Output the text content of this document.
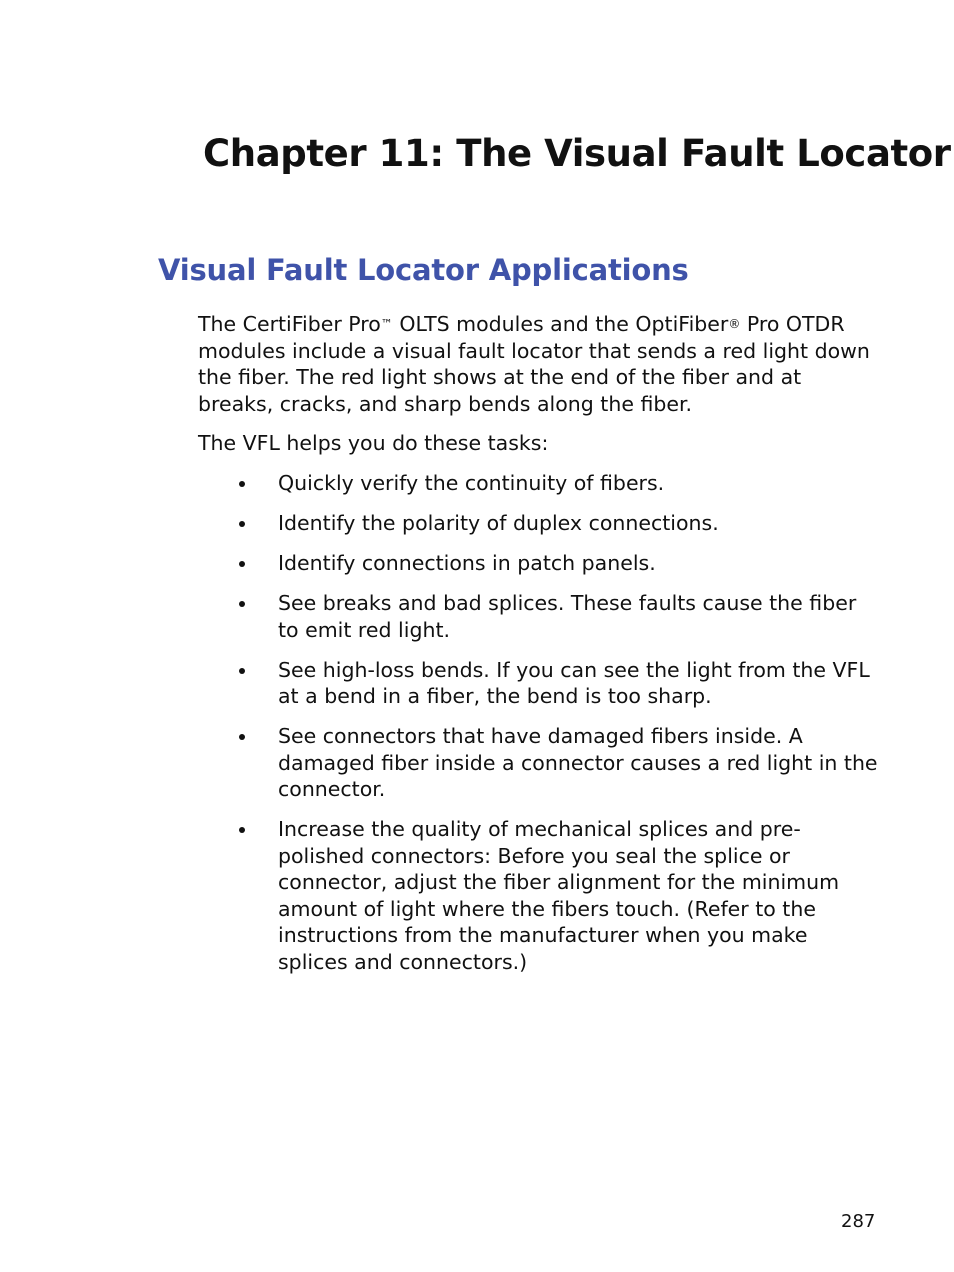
Chapter 11: The Visual Fault Locator
Visual Fault Locator Applications

The CertiFiber Pro™ OLTS modules and the OptiFiber® Pro OTDR modules include a visual fault locator that sends a red light down the fiber. The red light shows at the end of the fiber and at breaks, cracks, and sharp bends along the fiber.

The VFL helps you do these tasks:

Quickly verify the continuity of fibers.
Identify the polarity of duplex connections.
Identify connections in patch panels.
See breaks and bad splices. These faults cause the fiber to emit red light.
See high-loss bends. If you can see the light from the VFL at a bend in a fiber, the bend is too sharp.
See connectors that have damaged fibers inside. A damaged fiber inside a connector causes a red light in the connector.
Increase the quality of mechanical splices and pre-polished connectors: Before you seal the splice or connector, adjust the fiber alignment for the minimum amount of light where the fibers touch. (Refer to the instructions from the manufacturer when you make splices and connectors.)
287
